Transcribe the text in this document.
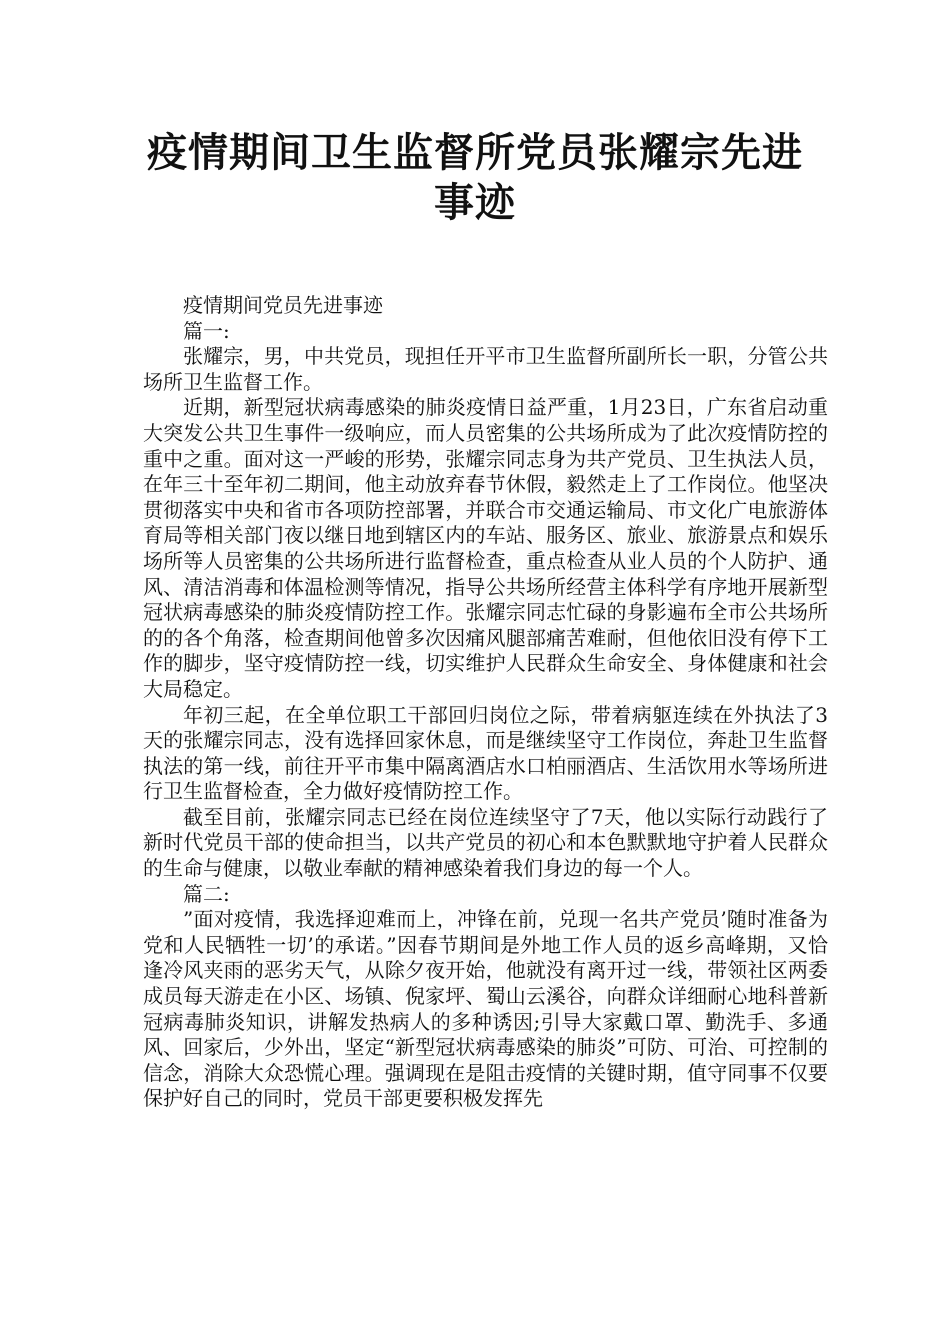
疫情期间卫生监督所党员张耀宗先进事迹

疫情期间党员先进事迹

篇一:

张耀宗，男，中共党员，现担任开平市卫生监督所副所长一职，分管公共场所卫生监督工作。

近期，新型冠状病毒感染的肺炎疫情日益严重，1月23日，广东省启动重大突发公共卫生事件一级响应，而人员密集的公共场所成为了此次疫情防控的重中之重。面对这一严峻的形势，张耀宗同志身为共产党员、卫生执法人员，在年三十至年初二期间，他主动放弃春节休假，毅然走上了工作岗位。他坚决贯彻落实中央和省市各项防控部署，并联合市交通运输局、市文化广电旅游体育局等相关部门夜以继日地到辖区内的车站、服务区、旅业、旅游景点和娱乐场所等人员密集的公共场所进行监督检查，重点检查从业人员的个人防护、通风、清洁消毒和体温检测等情况，指导公共场所经营主体科学有序地开展新型冠状病毒感染的肺炎疫情防控工作。张耀宗同志忙碌的身影遍布全市公共场所的的各个角落，检查期间他曾多次因痛风腿部痛苦难耐，但他依旧没有停下工作的脚步，坚守疫情防控一线，切实维护人民群众生命安全、身体健康和社会大局稳定。

年初三起，在全单位职工干部回归岗位之际，带着病躯连续在外执法了3天的张耀宗同志，没有选择回家休息，而是继续坚守工作岗位，奔赴卫生监督执法的第一线，前往开平市集中隔离酒店水口柏丽酒店、生活饮用水等场所进行卫生监督检查，全力做好疫情防控工作。

截至目前，张耀宗同志已经在岗位连续坚守了7天，他以实际行动践行了新时代党员干部的使命担当，以共产党员的初心和本色默默地守护着人民群众的生命与健康，以敬业奉献的精神感染着我们身边的每一个人。

篇二:

”面对疫情，我选择迎难而上，冲锋在前，兑现一名共产党员’随时准备为党和人民牺牲一切’的承诺。”因春节期间是外地工作人员的返乡高峰期，又恰逢冷风夹雨的恶劣天气，从除夕夜开始，他就没有离开过一线，带领社区两委成员每天游走在小区、场镇、倪家坪、蜀山云溪谷，向群众详细耐心地科普新冠病毒肺炎知识，讲解发热病人的多种诱因;引导大家戴口罩、勤洗手、多通风、回家后，少外出，坚定“新型冠状病毒感染的肺炎”可防、可治、可控制的信念，消除大众恐慌心理。强调现在是阻击疫情的关键时期，值守同事不仅要保护好自己的同时，党员干部更要积极发挥先
